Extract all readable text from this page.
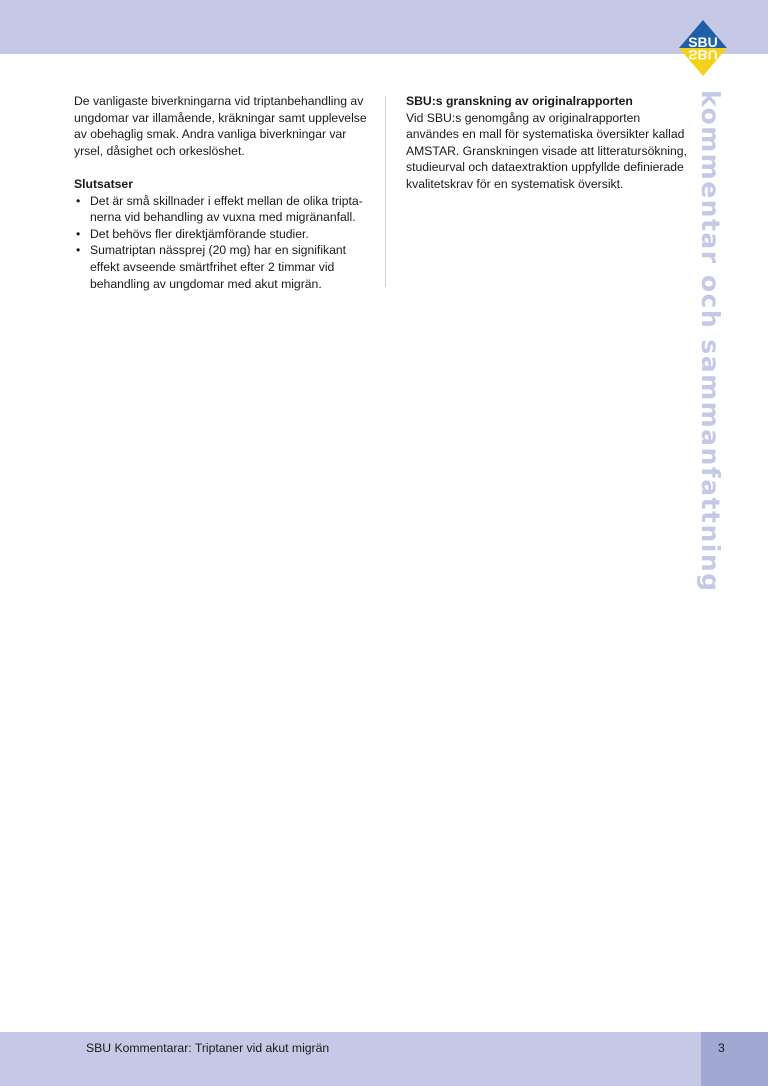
SBU
SBU
kommentar och sammanfattning

De vanligaste biverkningarna vid triptanbehandling av ungdomar var illamående, kräkningar samt upplevelse av obehaglig smak. Andra vanliga biverkningar var yrsel, dåsighet och orkeslöshet.

Slutsatser

• Det är små skillnader i effekt mellan de olika triptanerna vid behandling av vuxna med migränanfall.
• Det behövs fler direktjämförande studier.
• Sumatriptan nässprej (20 mg) har en signifikant effekt avseende smärtfrihet efter 2 timmar vid behandling av ungdomar med akut migrän.

SBU:s granskning av originalrapporten

Vid SBU:s genomgång av originalrapporten användes en mall för systematiska översikter kallad AMSTAR. Granskningen visade att litteratursökning, studieurval och dataextraktion uppfyllde definierade kvalitetskrav för en systematisk översikt.

SBU Kommentarar: Triptaner vid akut migrän	3
